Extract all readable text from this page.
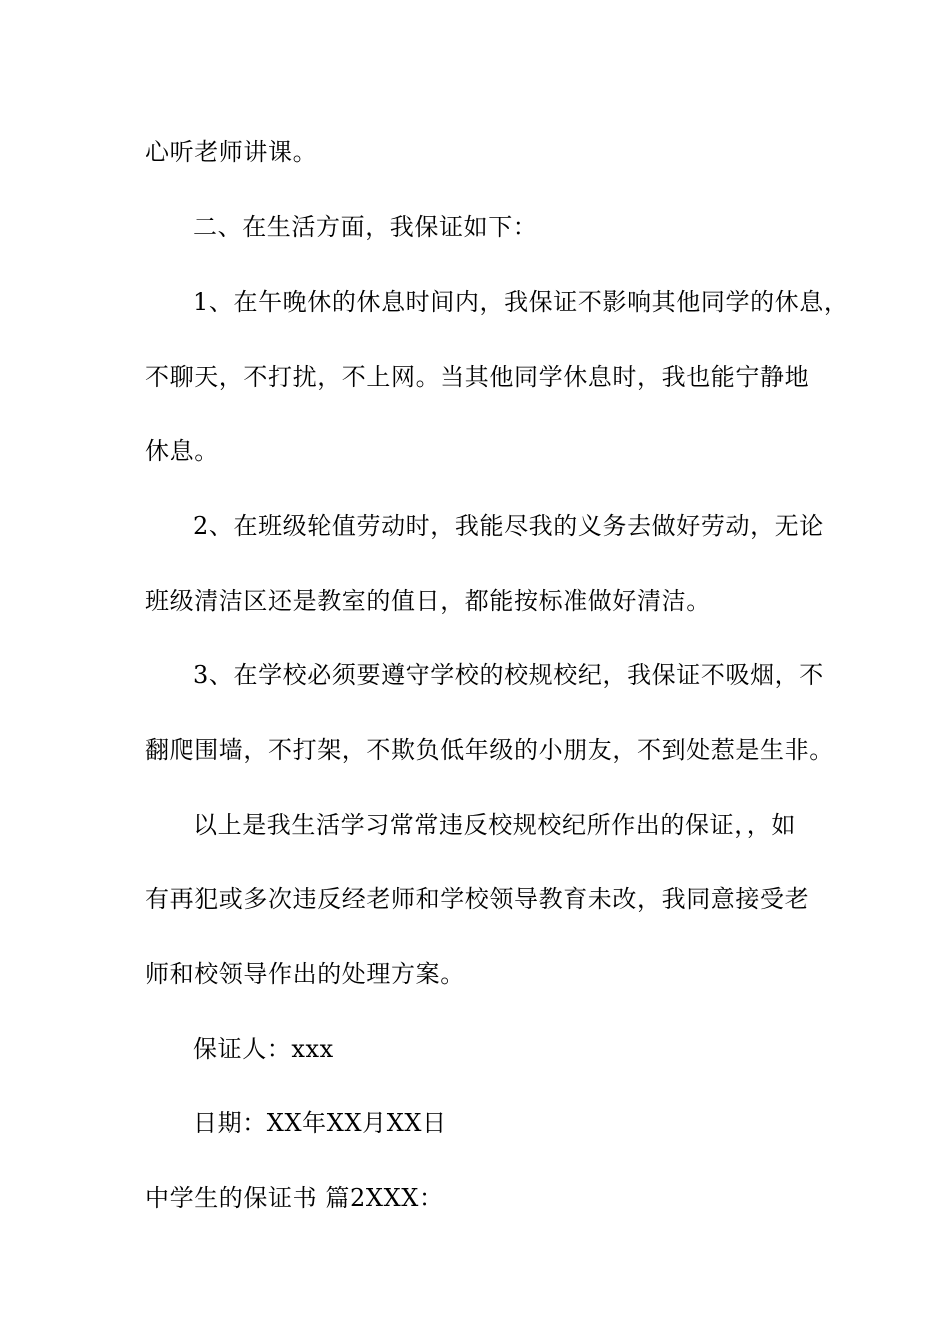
心听老师讲课。
二、在生活方面，我保证如下：
1、在午晚休的休息时间内，我保证不影响其他同学的休息，
不聊天，不打扰，不上网。当其他同学休息时，我也能宁静地
休息。
2、在班级轮值劳动时，我能尽我的义务去做好劳动，无论
班级清洁区还是教室的值日，都能按标准做好清洁。
3、在学校必须要遵守学校的校规校纪，我保证不吸烟，不
翻爬围墙，不打架，不欺负低年级的小朋友，不到处惹是生非。
以上是我生活学习常常违反校规校纪所作出的保证，，如
有再犯或多次违反经老师和学校领导教育未改，我同意接受老
师和校领导作出的处理方案。
保证人：xxx
日期：XX年XX月XX日
中学生的保证书 篇2XXX：
